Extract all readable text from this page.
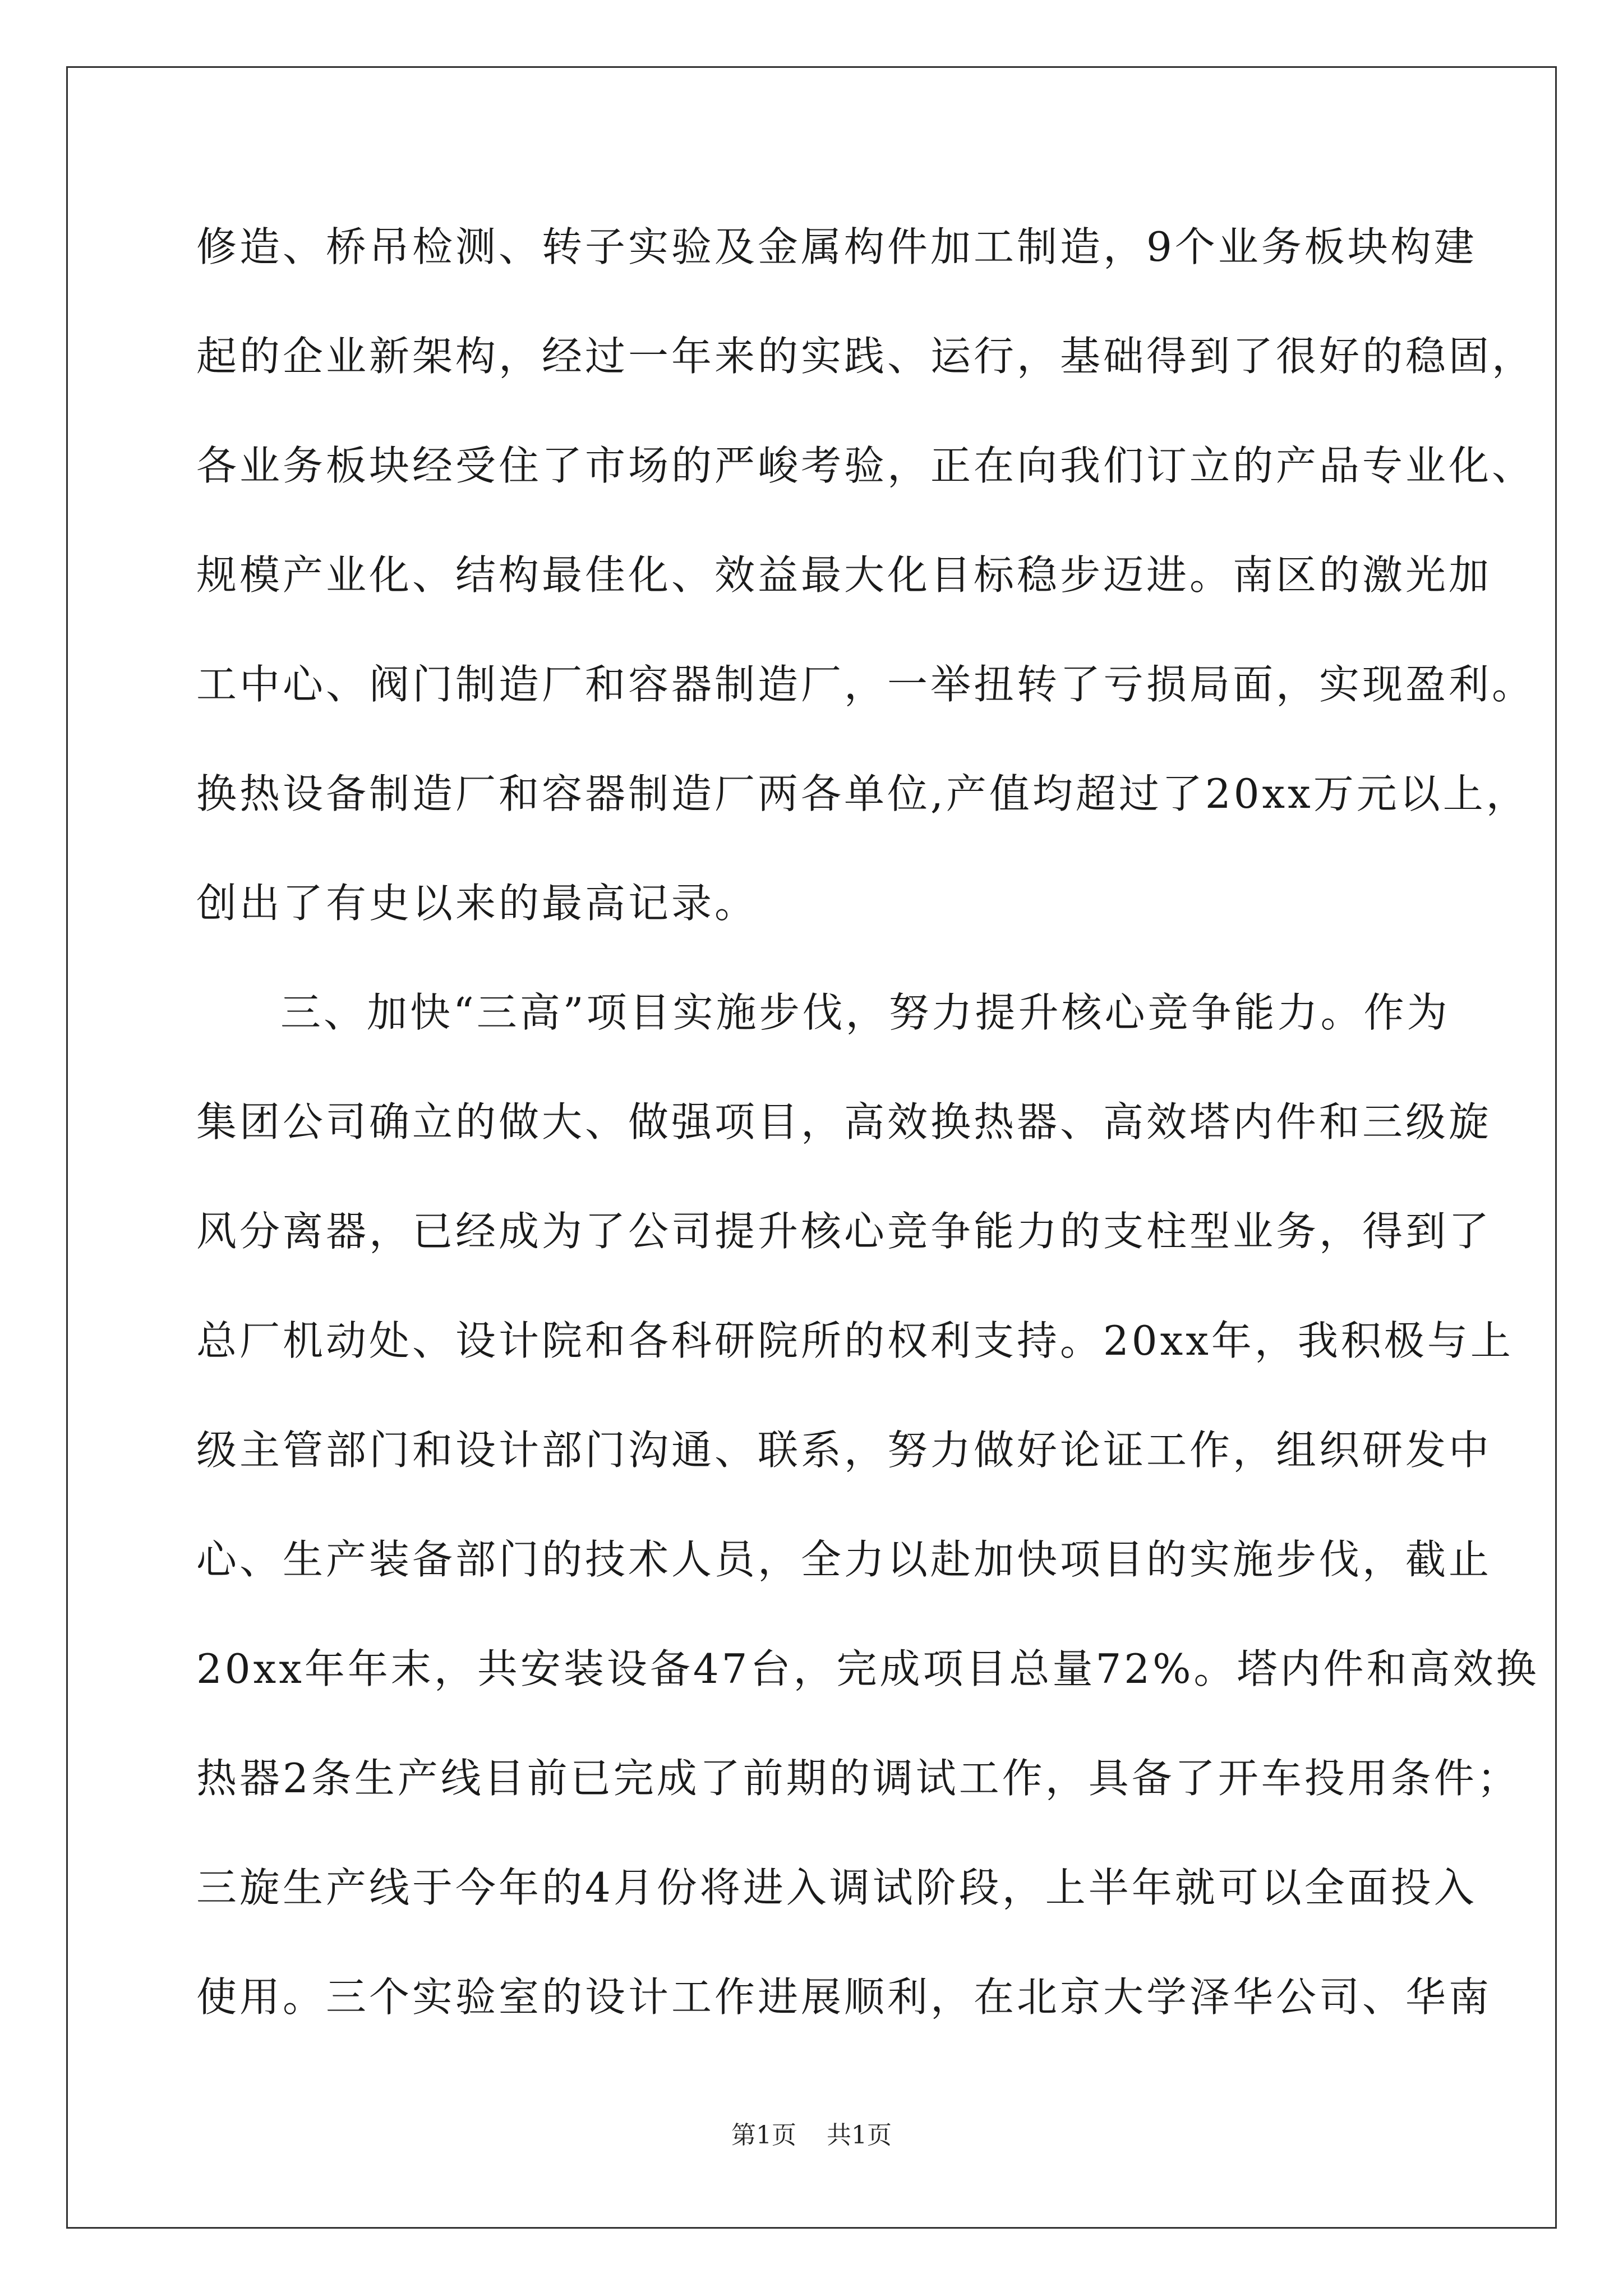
修造、桥吊检测、转子实验及金属构件加工制造，9个业务板块构建
起的企业新架构，经过一年来的实践、运行，基础得到了很好的稳固，
各业务板块经受住了市场的严峻考验，正在向我们订立的产品专业化、
规模产业化、结构最佳化、效益最大化目标稳步迈进。南区的激光加
工中心、阀门制造厂和容器制造厂，一举扭转了亏损局面，实现盈利。
换热设备制造厂和容器制造厂两各单位,产值均超过了20xx万元以上，
创出了有史以来的最高记录。
三、加快“三高”项目实施步伐，努力提升核心竞争能力。作为
集团公司确立的做大、做强项目，高效换热器、高效塔内件和三级旋
风分离器，已经成为了公司提升核心竞争能力的支柱型业务，得到了
总厂机动处、设计院和各科研院所的权利支持。20xx年，我积极与上
级主管部门和设计部门沟通、联系，努力做好论证工作，组织研发中
心、生产装备部门的技术人员，全力以赴加快项目的实施步伐，截止
20xx年年末，共安装设备47台，完成项目总量72%。塔内件和高效换
热器2条生产线目前已完成了前期的调试工作，具备了开车投用条件；
三旋生产线于今年的4月份将进入调试阶段，上半年就可以全面投入
使用。三个实验室的设计工作进展顺利，在北京大学泽华公司、华南
第1页 共1页
